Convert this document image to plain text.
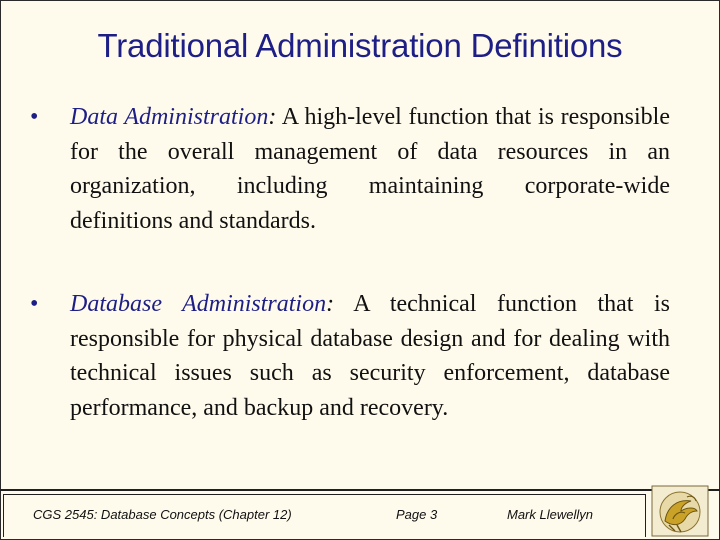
Traditional Administration Definitions
•	Data Administration: A high-level function that is responsible for the overall management of data resources in an organization, including maintaining corporate-wide definitions and standards.
•	Database Administration: A technical function that is responsible for physical database design and for dealing with technical issues such as security enforcement, database performance, and backup and recovery.
CGS 2545: Database Concepts (Chapter 12)	Page 3	Mark Llewellyn
